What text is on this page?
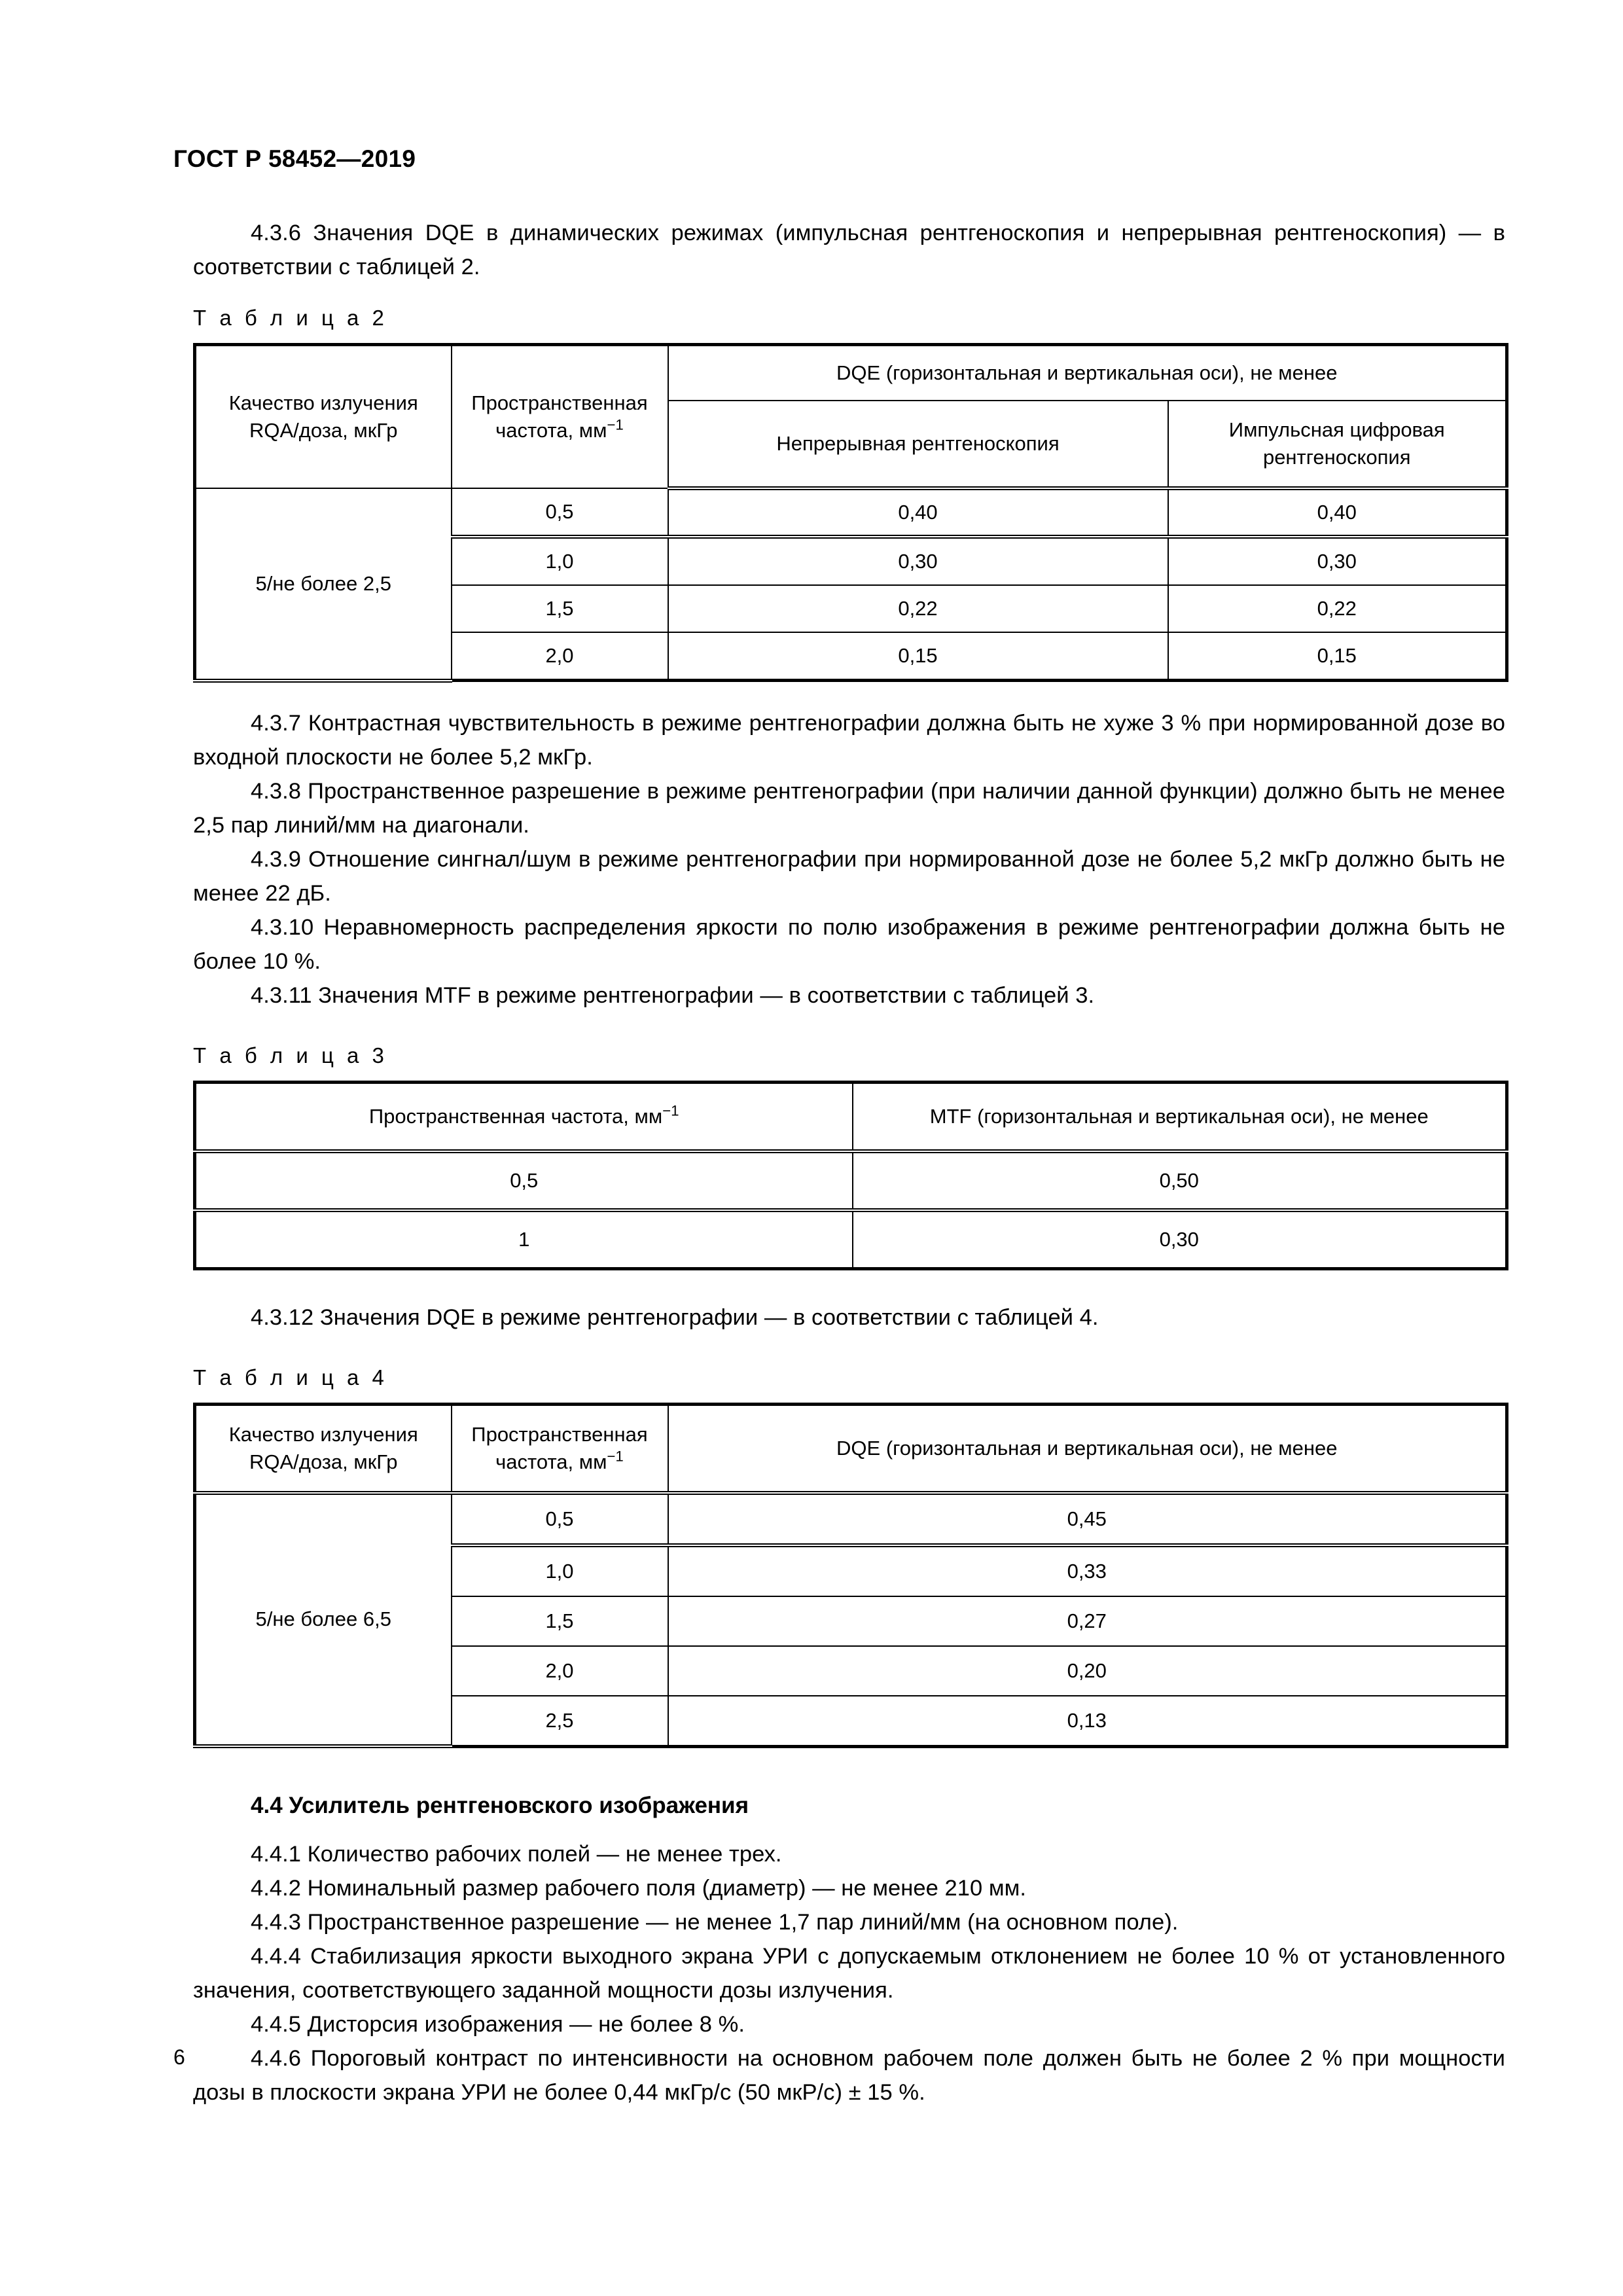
ГОСТ Р 58452—2019

4.3.6 Значения DQE в динамических режимах (импульсная рентгеноскопия и непрерывная рентгеноскопия) — в соответствии с таблицей 2.

Т а б л и ц а 2
Качество излучения
RQA/доза, мкГр	Пространственная
частота, $мм^{-1}$	DQE (горизонтальная и вертикальная оси), не менее	
		Непрерывная рентгеноскопия	Импульсная цифровая
рентгеноскопия
5/не более 2,5	0,5	0,40	0,40
	1,0	0,30	0,30
	1,5	0,22	0,22
	2,0	0,15	0,15

4.3.7 Контрастная чувствительность в режиме рентгенографии должна быть не хуже 3 % при нормированной дозе во входной плоскости не более 5,2 мкГр.

4.3.8 Пространственное разрешение в режиме рентгенографии (при наличии данной функции) должно быть не менее 2,5 пар линий/мм на диагонали.

4.3.9 Отношение сингнал/шум в режиме рентгенографии при нормированной дозе не более 5,2 мкГр должно быть не менее 22 дБ.

4.3.10 Неравномерность распределения яркости по полю изображения в режиме рентгенографии должна быть не более 10 %.

4.3.11 Значения MTF в режиме рентгенографии — в соответствии с таблицей 3.

Т а б л и ц а 3
Пространственная частота, $мм^{-1}$	MTF (горизонтальная и вертикальная оси), не менее
0,5	0,50
1	0,30

4.3.12 Значения DQE в режиме рентгенографии — в соответствии с таблицей 4.

Т а б л и ц а 4
Качество излучения
RQA/доза, мкГр	Пространственная
частота, $мм^{-1}$	DQE (горизонтальная и вертикальная оси), не менее
5/не более 6,5	0,5	0,45
	1,0	0,33
	1,5	0,27
	2,0	0,20
	2,5	0,13
4.4 Усилитель рентгеновского изображения

4.4.1 Количество рабочих полей — не менее трех.

4.4.2 Номинальный размер рабочего поля (диаметр) — не менее 210 мм.

4.4.3 Пространственное разрешение — не менее 1,7 пар линий/мм (на основном поле).

4.4.4 Стабилизация яркости выходного экрана УРИ с допускаемым отклонением не более 10 % от установленного значения, соответствующего заданной мощности дозы излучения.

4.4.5 Дисторсия изображения — не более 8 %.

4.4.6 Пороговый контраст по интенсивности на основном рабочем поле должен быть не более 2 % при мощности дозы в плоскости экрана УРИ не более 0,44 мкГр/с (50 мкР/с) ± 15 %.

6
